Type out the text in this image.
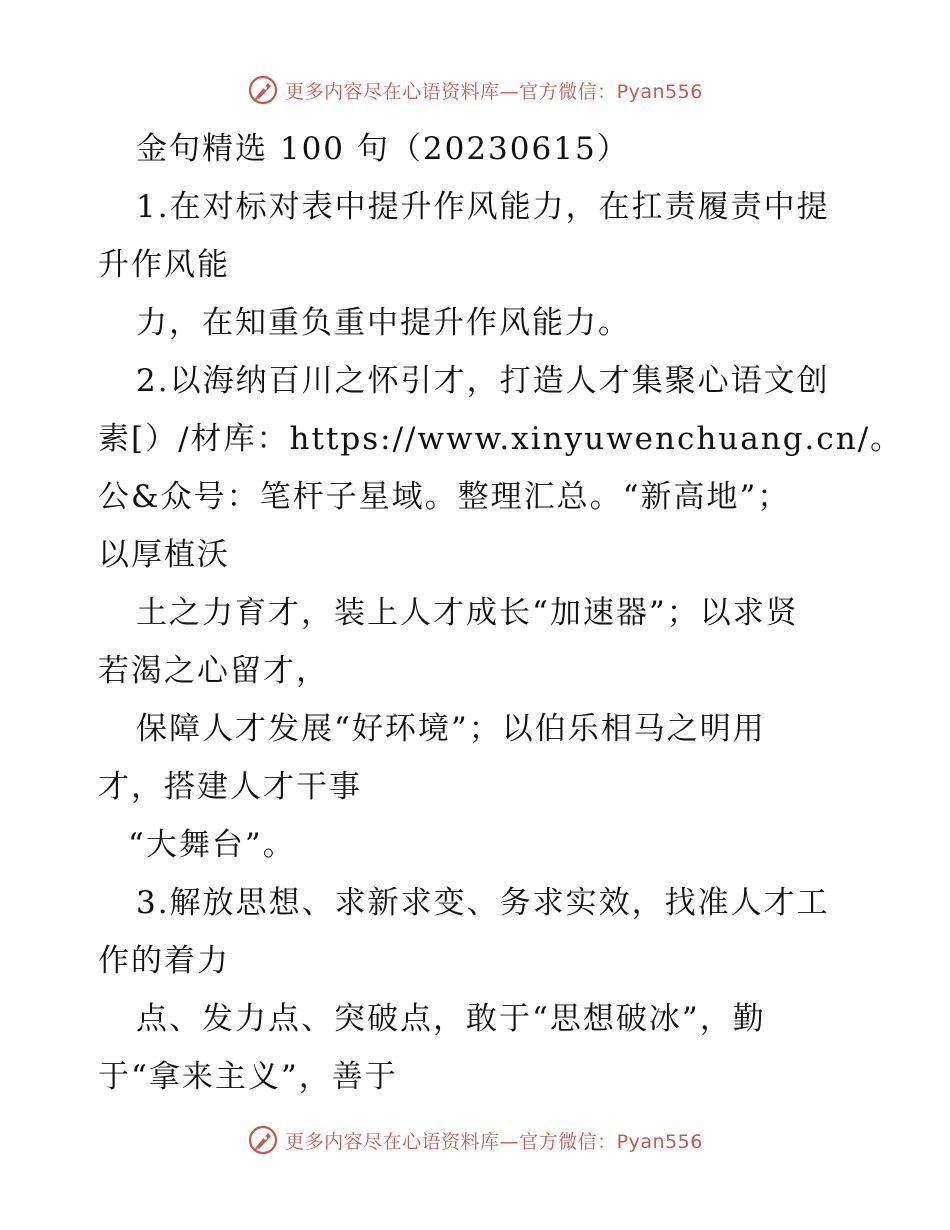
更多内容尽在心语资料库—官方微信：Pyan556
金句精选 100 句（20230615）
1.在对标对表中提升作风能力，在扛责履责中提
升作风能
力，在知重负重中提升作风能力。
2.以海纳百川之怀引才，打造人才集聚心语文创
素[）/材库：https://www.xinyuwenchuang.cn/。
公&众号：笔杆子星域。整理汇总。“新高地”；
以厚植沃
土之力育才，装上人才成长“加速器”；以求贤
若渴之心留才，
保障人才发展“好环境”；以伯乐相马之明用
才，搭建人才干事
“大舞台”。
3.解放思想、求新求变、务求实效，找准人才工
作的着力
点、发力点、突破点，敢于“思想破冰”，勤
于“拿来主义”，善于
更多内容尽在心语资料库—官方微信：Pyan556
